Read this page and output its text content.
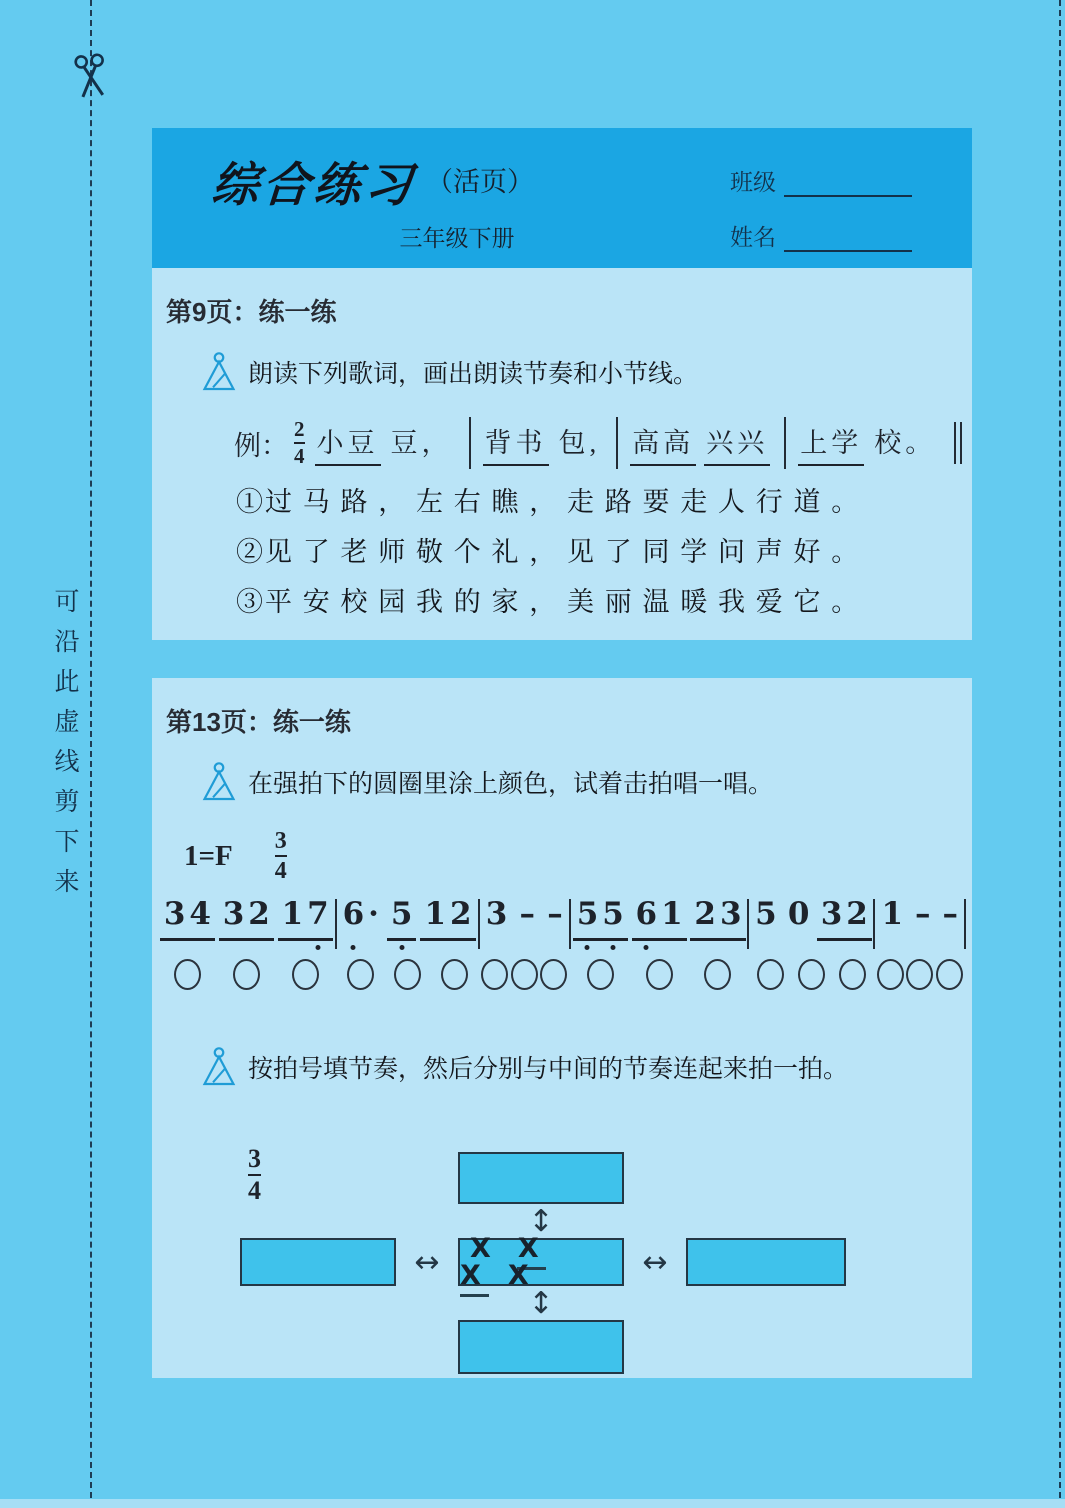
可沿此虚线剪下来
综合练习 （活页）
三年级下册
班级
姓名
第9页：练一练
朗读下列歌词，画出朗读节奏和小节线。
例： $\frac{2}{4}$ 小豆 豆， 背书 包, 高高 兴兴 上学 校。
①过 马 路 ， 左 右 瞧 ， 走 路 要 走 人 行 道 。
②见 了 老 师 敬 个 礼 ， 见 了 同 学 问 声 好 。
③平 安 校 园 我 的 家 ， 美 丽 温 暖 我 爱 它 。
第13页：练一练
在强拍下的圆圈里涂上颜色，试着击拍唱一唱。
$1=F \frac{3}{4}$
3 4 3 2 1 7 6 · 5 1 2 3 – – 5 5 6 1 2 3 5 0 3 2 1 – –
按拍号填节奏，然后分别与中间的节奏连起来拍一拍。
$\frac{3}{4}$
↕
↔	X X X X	↔
↕
